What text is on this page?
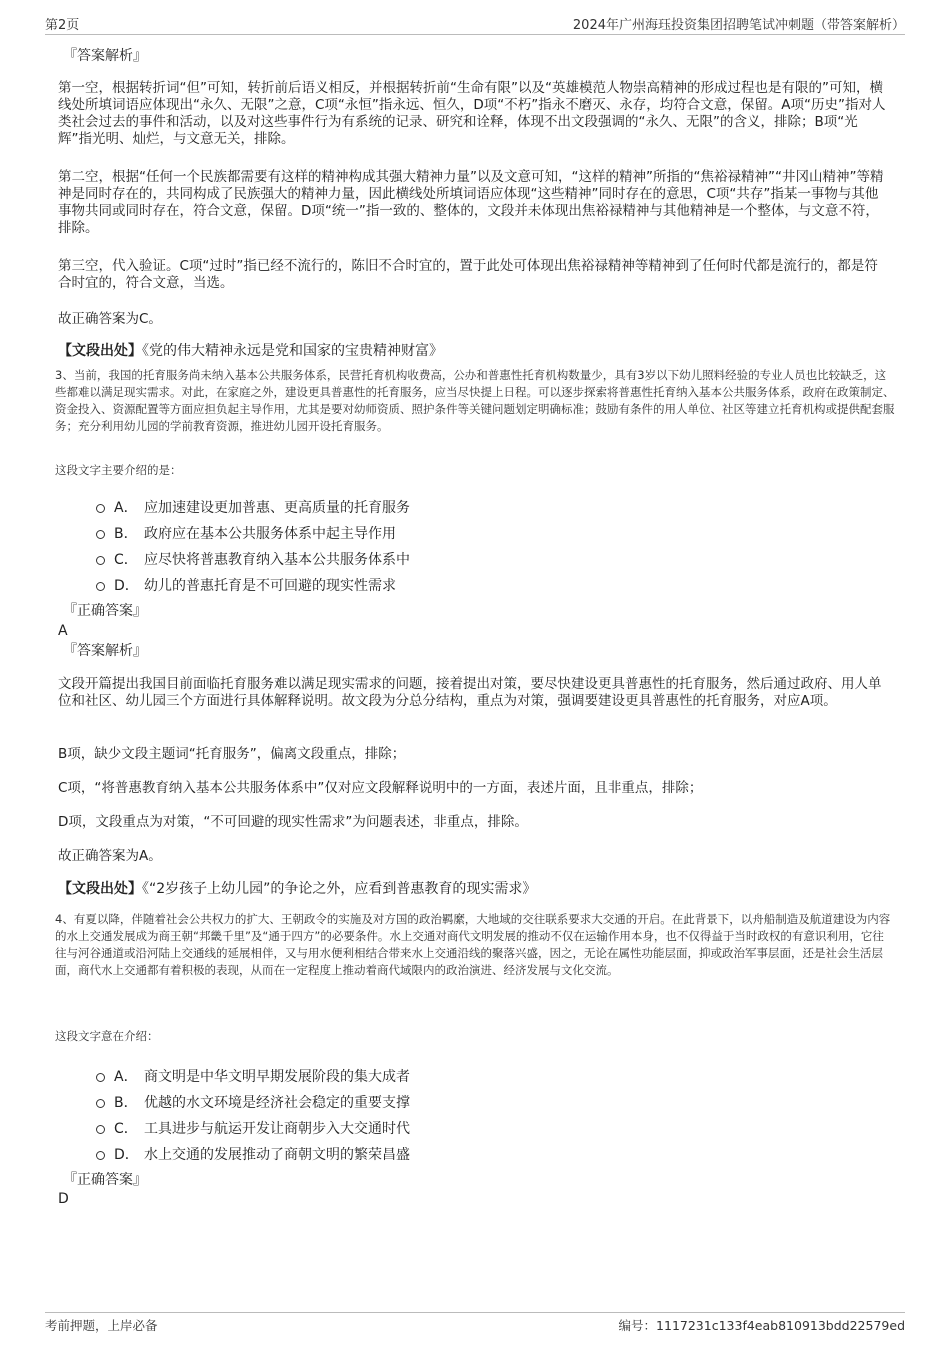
第2页	2024年广州海珏投资集团招聘笔试冲刺题（带答案解析）
『答案解析』
第一空，根据转折词“但”可知，转折前后语义相反，并根据转折前“生命有限”以及“英雄模范人物崇高精神的形成过程也是有限的”可知，横线处所填词语应体现出“永久、无限”之意，C项“永恒”指永远、恒久，D项“不朽”指永不磨灭、永存，均符合文意，保留。A项“历史”指对人类社会过去的事件和活动，以及对这些事件行为有系统的记录、研究和诠释，体现不出文段强调的“永久、无限”的含义，排除；B项“光辉”指光明、灿烂，与文意无关，排除。
第二空，根据“任何一个民族都需要有这样的精神构成其强大精神力量”以及文意可知，“这样的精神”所指的“焦裕禄精神”“井冈山精神”等精神是同时存在的，共同构成了民族强大的精神力量，因此横线处所填词语应体现“这些精神”同时存在的意思，C项“共存”指某一事物与其他事物共同或同时存在，符合文意，保留。D项“统一”指一致的、整体的，文段并未体现出焦裕禄精神与其他精神是一个整体，与文意不符，排除。
第三空，代入验证。C项“过时”指已经不流行的，陈旧不合时宜的，置于此处可体现出焦裕禄精神等精神到了任何时代都是流行的，都是符合时宜的，符合文意，当选。
故正确答案为C。
【文段出处】《党的伟大精神永远是党和国家的宝贵精神财富》
3、当前，我国的托育服务尚未纳入基本公共服务体系，民营托育机构收费高，公办和普惠性托育机构数量少，具有3岁以下幼儿照料经验的专业人员也比较缺乏，这些都难以满足现实需求。对此，在家庭之外，建设更具普惠性的托育服务，应当尽快提上日程。可以逐步探索将普惠性托育纳入基本公共服务体系，政府在政策制定、资金投入、资源配置等方面应担负起主导作用，尤其是要对幼师资质、照护条件等关键问题划定明确标准；鼓励有条件的用人单位、社区等建立托育机构或提供配套服务；充分利用幼儿园的学前教育资源，推进幼儿园开设托育服务。
这段文字主要介绍的是：
A． 应加速建设更加普惠、更高质量的托育服务
B． 政府应在基本公共服务体系中起主导作用
C． 应尽快将普惠教育纳入基本公共服务体系中
D． 幼儿的普惠托育是不可回避的现实性需求
『正确答案』
A
『答案解析』
文段开篇提出我国目前面临托育服务难以满足现实需求的问题，接着提出对策，要尽快建设更具普惠性的托育服务，然后通过政府、用人单位和社区、幼儿园三个方面进行具体解释说明。故文段为分总分结构，重点为对策，强调要建设更具普惠性的托育服务，对应A项。
B项，缺少文段主题词“托育服务”，偏离文段重点，排除；
C项，“将普惠教育纳入基本公共服务体系中”仅对应文段解释说明中的一方面，表述片面，且非重点，排除；
D项，文段重点为对策，“不可回避的现实性需求”为问题表述，非重点，排除。
故正确答案为A。
【文段出处】《“2岁孩子上幼儿园”的争论之外，应看到普惠教育的现实需求》
4、有夏以降，伴随着社会公共权力的扩大、王朝政令的实施及对方国的政治羁縻，大地域的交往联系要求大交通的开启。在此背景下，以舟船制造及航道建设为内容的水上交通发展成为商王朝“邦畿千里”及“通于四方”的必要条件。水上交通对商代文明发展的推动不仅在运输作用本身，也不仅得益于当时政权的有意识利用，它往往与河谷通道或沿河陆上交通线的延展相伴，又与用水便利相结合带来水上交通沿线的聚落兴盛，因之，无论在属性功能层面，抑或政治军事层面，还是社会生活层面，商代水上交通都有着积极的表现，从而在一定程度上推动着商代域限内的政治演进、经济发展与文化交流。
这段文字意在介绍：
A． 商文明是中华文明早期发展阶段的集大成者
B． 优越的水文环境是经济社会稳定的重要支撑
C． 工具进步与航运开发让商朝步入大交通时代
D． 水上交通的发展推动了商朝文明的繁荣昌盛
『正确答案』
D
考前押题，上岸必备	编号：1117231c133f4eab810913bdd22579ed
